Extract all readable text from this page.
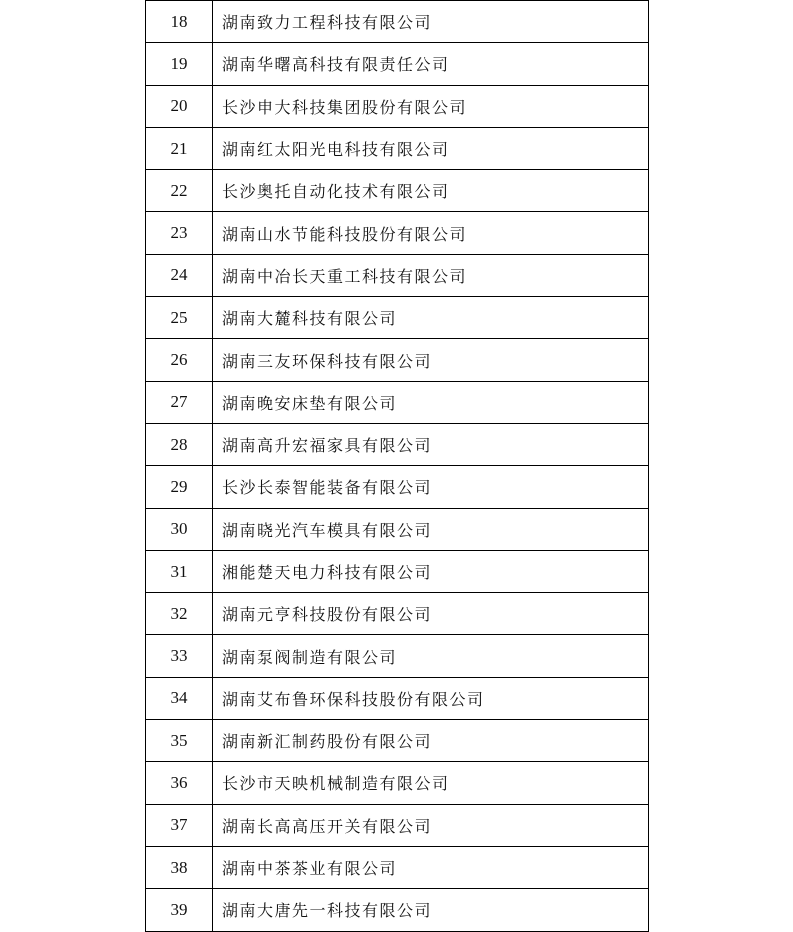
18	湖南致力工程科技有限公司
19	湖南华曙高科技有限责任公司
20	长沙申大科技集团股份有限公司
21	湖南红太阳光电科技有限公司
22	长沙奥托自动化技术有限公司
23	湖南山水节能科技股份有限公司
24	湖南中冶长天重工科技有限公司
25	湖南大麓科技有限公司
26	湖南三友环保科技有限公司
27	湖南晚安床垫有限公司
28	湖南高升宏福家具有限公司
29	长沙长泰智能装备有限公司
30	湖南晓光汽车模具有限公司
31	湘能楚天电力科技有限公司
32	湖南元亨科技股份有限公司
33	湖南泵阀制造有限公司
34	湖南艾布鲁环保科技股份有限公司
35	湖南新汇制药股份有限公司
36	长沙市天映机械制造有限公司
37	湖南长高高压开关有限公司
38	湖南中茶茶业有限公司
39	湖南大唐先一科技有限公司
